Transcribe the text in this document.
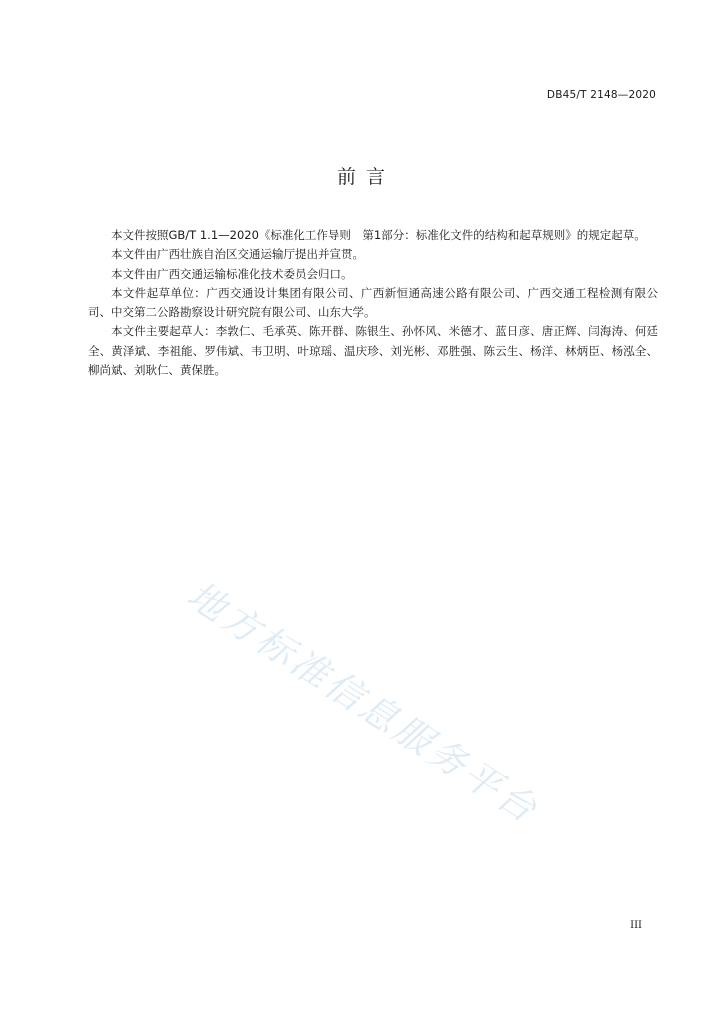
DB45/T 2148—2020
前 言

本文件按照GB/T 1.1—2020《标准化工作导则　第1部分：标准化文件的结构和起草规则》的规定起草。

本文件由广西壮族自治区交通运输厅提出并宣贯。

本文件由广西交通运输标准化技术委员会归口。

本文件起草单位：广西交通设计集团有限公司、广西新恒通高速公路有限公司、广西交通工程检测有限公司、中交第二公路勘察设计研究院有限公司、山东大学。

本文件主要起草人：李敦仁、毛承英、陈开群、陈银生、孙怀风、米德才、蓝日彦、唐正辉、闫海涛、何廷全、黄泽斌、李祖能、罗伟斌、韦卫明、叶琼瑶、温庆珍、刘光彬、邓胜强、陈云生、杨洋、林炳臣、杨泓全、柳尚斌、刘耿仁、黄保胜。

地方标准信息服务平台
III
